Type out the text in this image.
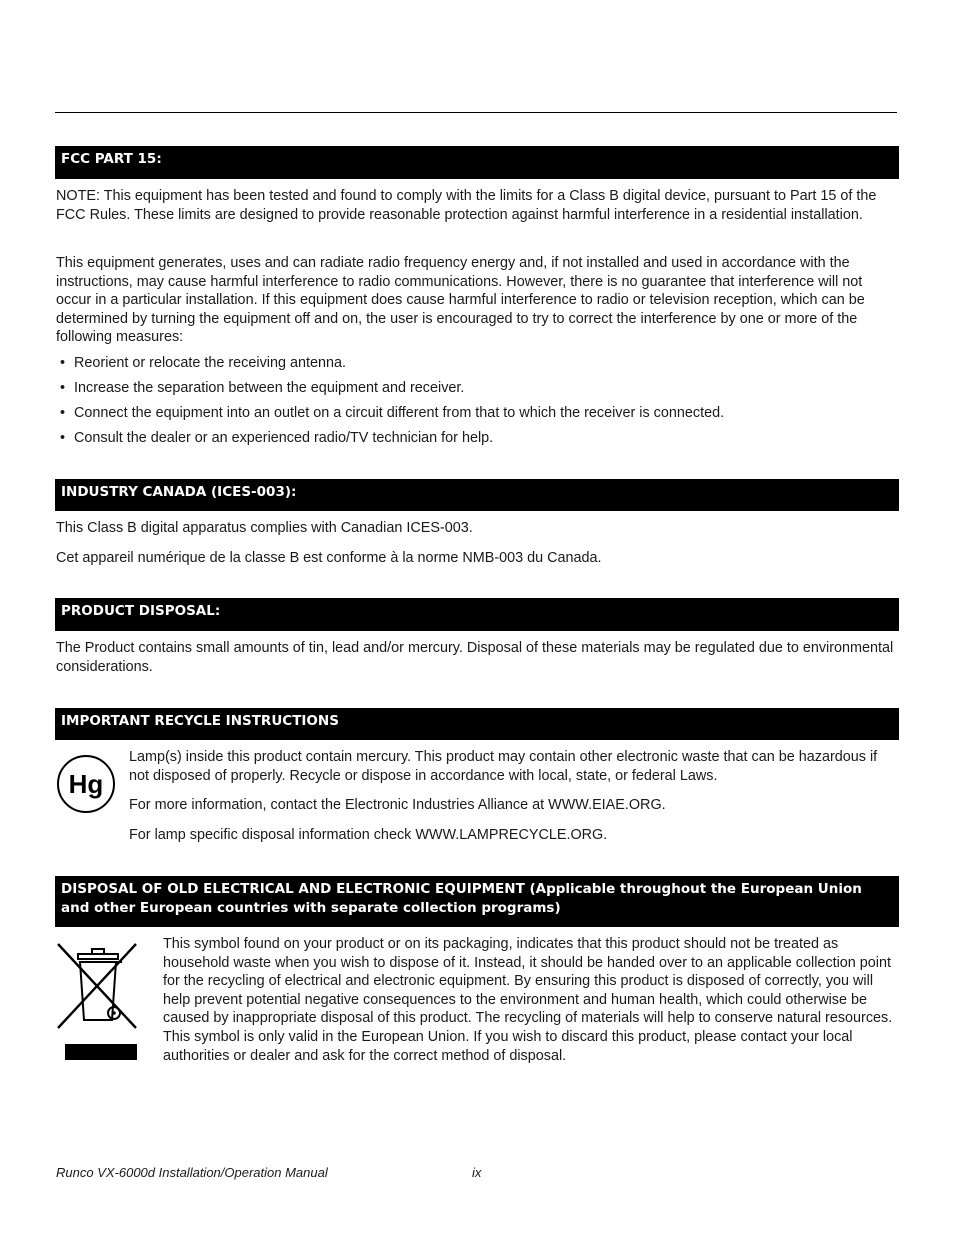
FCC PART 15:

NOTE: This equipment has been tested and found to comply with the limits for a Class B digital device, pursuant to Part 15 of the FCC Rules. These limits are designed to provide reasonable protection against harmful interference in a residential installation.

This equipment generates, uses and can radiate radio frequency energy and, if not installed and used in accordance with the instructions, may cause harmful interference to radio communications. However, there is no guarantee that interference will not occur in a particular installation. If this equipment does cause harmful interference to radio or television reception, which can be determined by turning the equipment off and on, the user is encouraged to try to correct the interference by one or more of the following measures:

• Reorient or relocate the receiving antenna.
• Increase the separation between the equipment and receiver.
• Connect the equipment into an outlet on a circuit different from that to which the receiver is connected.
• Consult the dealer or an experienced radio/TV technician for help.
INDUSTRY CANADA (ICES-003):

This Class B digital apparatus complies with Canadian ICES-003.

Cet appareil numérique de la classe B est conforme à la norme NMB-003 du Canada.

PRODUCT DISPOSAL:

The Product contains small amounts of tin, lead and/or mercury. Disposal of these materials may be regulated due to environmental considerations.

IMPORTANT RECYCLE INSTRUCTIONS
Hg

Lamp(s) inside this product contain mercury. This product may contain other electronic waste that can be hazardous if not disposed of properly. Recycle or dispose in accordance with local, state, or federal Laws.

For more information, contact the Electronic Industries Alliance at WWW.EIAE.ORG.

For lamp specific disposal information check WWW.LAMPRECYCLE.ORG.

DISPOSAL OF OLD ELECTRICAL AND ELECTRONIC EQUIPMENT (Applicable throughout the European Union and other European countries with separate collection programs)

This symbol found on your product or on its packaging, indicates that this product should not be treated as household waste when you wish to dispose of it. Instead, it should be handed over to an applicable collection point for the recycling of electrical and electronic equipment. By ensuring this product is disposed of correctly, you will help prevent potential negative consequences to the environment and human health, which could otherwise be caused by inappropriate disposal of this product. The recycling of materials will help to conserve natural resources. This symbol is only valid in the European Union. If you wish to discard this product, please contact your local authorities or dealer and ask for the correct method of disposal.

Runco VX-6000d Installation/Operation Manual	ix
